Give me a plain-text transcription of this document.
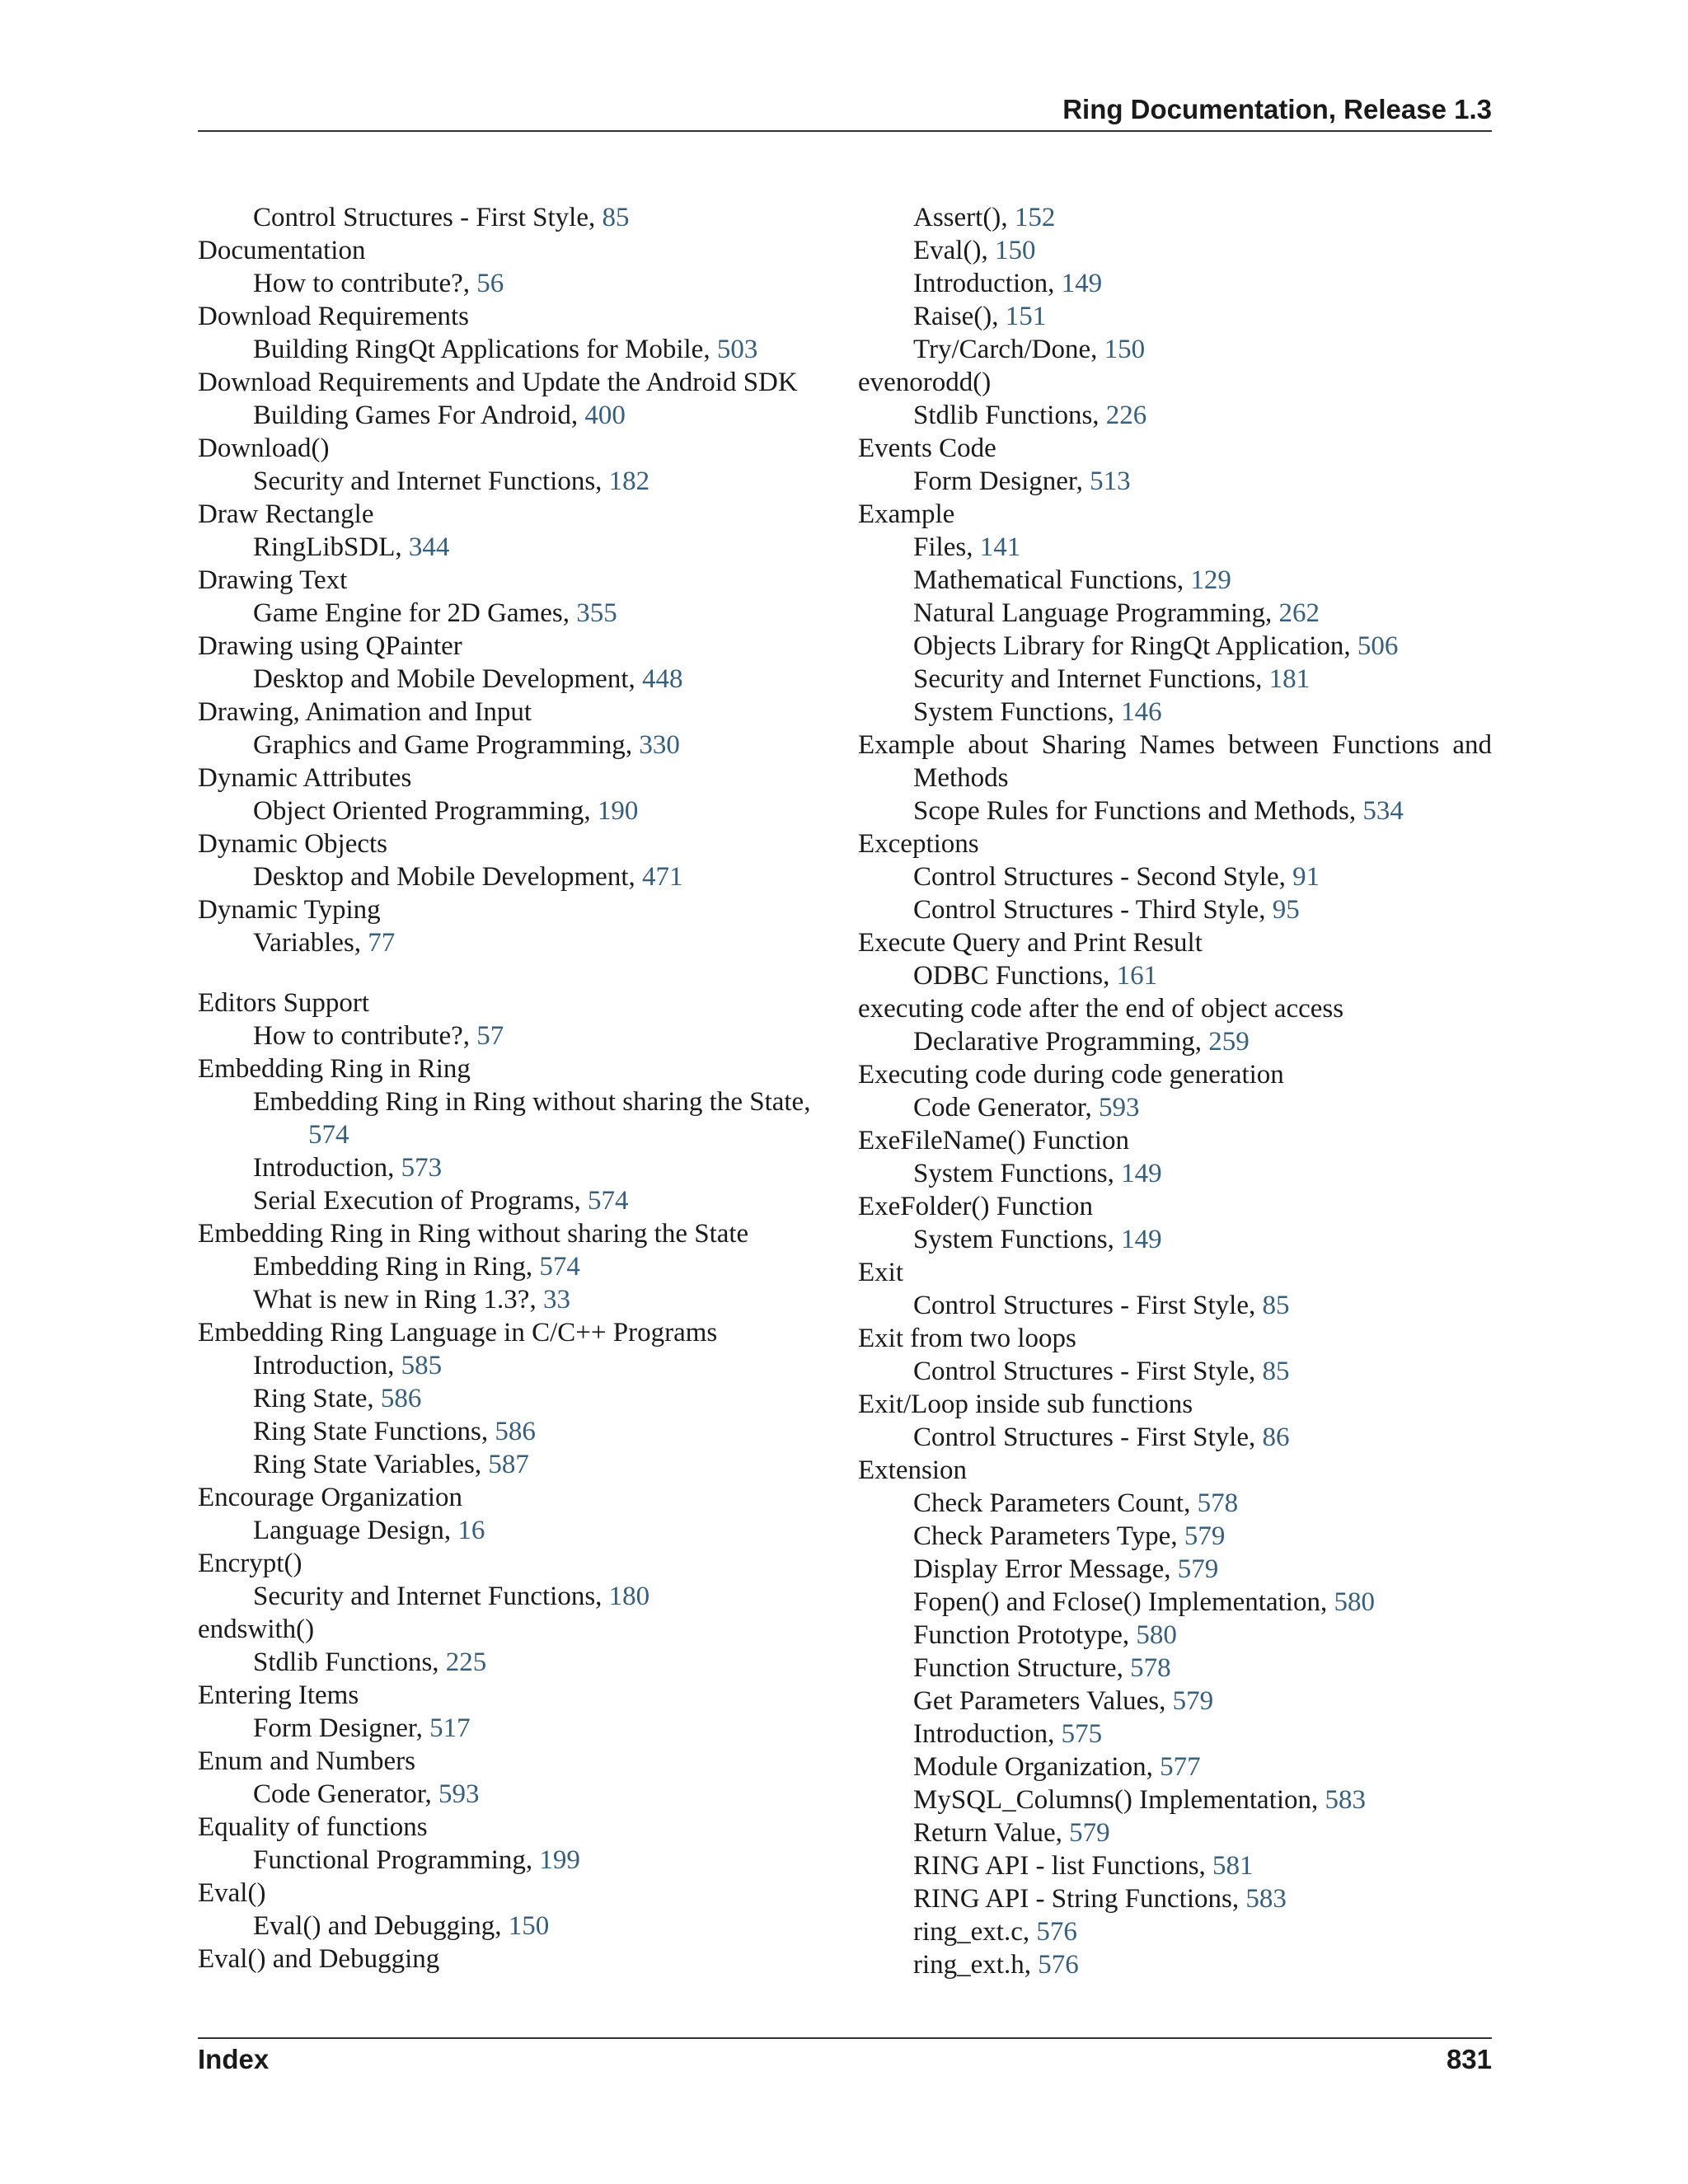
Ring Documentation, Release 1.3

Control Structures - First Style, 85

Documentation

How to contribute?, 56

Download Requirements

Building RingQt Applications for Mobile, 503

Download Requirements and Update the Android SDK

Building Games For Android, 400

Download()

Security and Internet Functions, 182

Draw Rectangle

RingLibSDL, 344

Drawing Text

Game Engine for 2D Games, 355

Drawing using QPainter

Desktop and Mobile Development, 448

Drawing, Animation and Input

Graphics and Game Programming, 330

Dynamic Attributes

Object Oriented Programming, 190

Dynamic Objects

Desktop and Mobile Development, 471

Dynamic Typing

Variables, 77

Editors Support

How to contribute?, 57

Embedding Ring in Ring

Embedding Ring in Ring without sharing the State, 574

Introduction, 573

Serial Execution of Programs, 574

Embedding Ring in Ring without sharing the State

Embedding Ring in Ring, 574

What is new in Ring 1.3?, 33

Embedding Ring Language in C/C++ Programs

Introduction, 585

Ring State, 586

Ring State Functions, 586

Ring State Variables, 587

Encourage Organization

Language Design, 16

Encrypt()

Security and Internet Functions, 180

endswith()

Stdlib Functions, 225

Entering Items

Form Designer, 517

Enum and Numbers

Code Generator, 593

Equality of functions

Functional Programming, 199

Eval()

Eval() and Debugging, 150

Eval() and Debugging

Assert(), 152

Eval(), 150

Introduction, 149

Raise(), 151

Try/Carch/Done, 150

evenorodd()

Stdlib Functions, 226

Events Code

Form Designer, 513

Example

Files, 141

Mathematical Functions, 129

Natural Language Programming, 262

Objects Library for RingQt Application, 506

Security and Internet Functions, 181

System Functions, 146

Example about Sharing Names between Functions and Methods

Scope Rules for Functions and Methods, 534

Exceptions

Control Structures - Second Style, 91

Control Structures - Third Style, 95

Execute Query and Print Result

ODBC Functions, 161

executing code after the end of object access

Declarative Programming, 259

Executing code during code generation

Code Generator, 593

ExeFileName() Function

System Functions, 149

ExeFolder() Function

System Functions, 149

Exit

Control Structures - First Style, 85

Exit from two loops

Control Structures - First Style, 85

Exit/Loop inside sub functions

Control Structures - First Style, 86

Extension

Check Parameters Count, 578

Check Parameters Type, 579

Display Error Message, 579

Fopen() and Fclose() Implementation, 580

Function Prototype, 580

Function Structure, 578

Get Parameters Values, 579

Introduction, 575

Module Organization, 577

MySQL_Columns() Implementation, 583

Return Value, 579

RING API - list Functions, 581

RING API - String Functions, 583

ring_ext.c, 576

ring_ext.h, 576

Index	831
